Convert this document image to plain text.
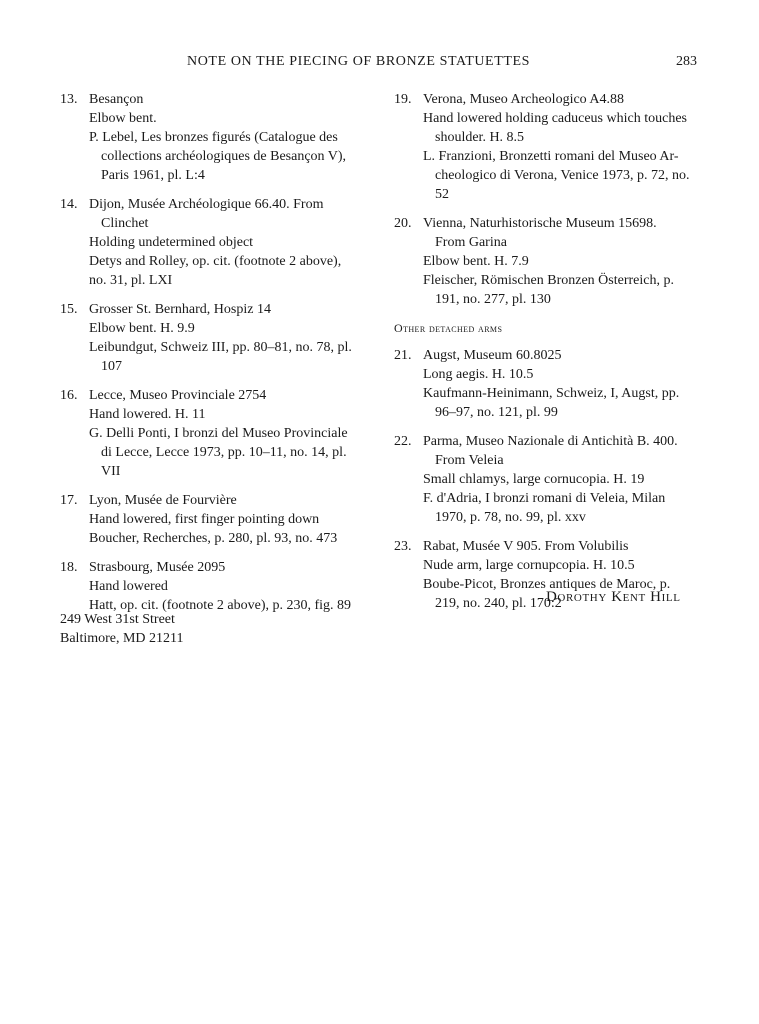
NOTE ON THE PIECING OF BRONZE STATUETTES	283
13. Besançon
Elbow bent.
P. Lebel, Les bronzes figurés (Catalogue des
collections archéologiques de Besançon V),
Paris 1961, pl. L:4
14. Dijon, Musée Archéologique 66.40. From
Clinchet
Holding undetermined object
Detys and Rolley, op. cit. (footnote 2 above),
no. 31, pl. LXI
15. Grosser St. Bernhard, Hospiz 14
Elbow bent. H. 9.9
Leibundgut, Schweiz III, pp. 80–81, no. 78, pl.
107
16. Lecce, Museo Provinciale 2754
Hand lowered. H. 11
G. Delli Ponti, I bronzi del Museo Provinciale
di Lecce, Lecce 1973, pp. 10–11, no. 14, pl.
VII
17. Lyon, Musée de Fourvière
Hand lowered, first finger pointing down
Boucher, Recherches, p. 280, pl. 93, no. 473
18. Strasbourg, Musée 2095
Hand lowered
Hatt, op. cit. (footnote 2 above), p. 230, fig. 89
19. Verona, Museo Archeologico A4.88
Hand lowered holding caduceus which touches
shoulder. H. 8.5
L. Franzioni, Bronzetti romani del Museo Ar-
cheologico di Verona, Venice 1973, p. 72, no.
52
20. Vienna, Naturhistorische Museum 15698.
From Garina
Elbow bent. H. 7.9
Fleischer, Römischen Bronzen Österreich, p.
191, no. 277, pl. 130
Other detached arms
21. Augst, Museum 60.8025
Long aegis. H. 10.5
Kaufmann-Heinimann, Schweiz, I, Augst, pp.
96–97, no. 121, pl. 99
22. Parma, Museo Nazionale di Antichità B. 400.
From Veleia
Small chlamys, large cornucopia. H. 19
F. d'Adria, I bronzi romani di Veleia, Milan
1970, p. 78, no. 99, pl. xxv
23. Rabat, Musée V 905. From Volubilis
Nude arm, large cornupcopia. H. 10.5
Boube-Picot, Bronzes antiques de Maroc, p.
219, no. 240, pl. 170:2
Dorothy Kent Hill
249 West 31st Street
Baltimore, MD 21211
